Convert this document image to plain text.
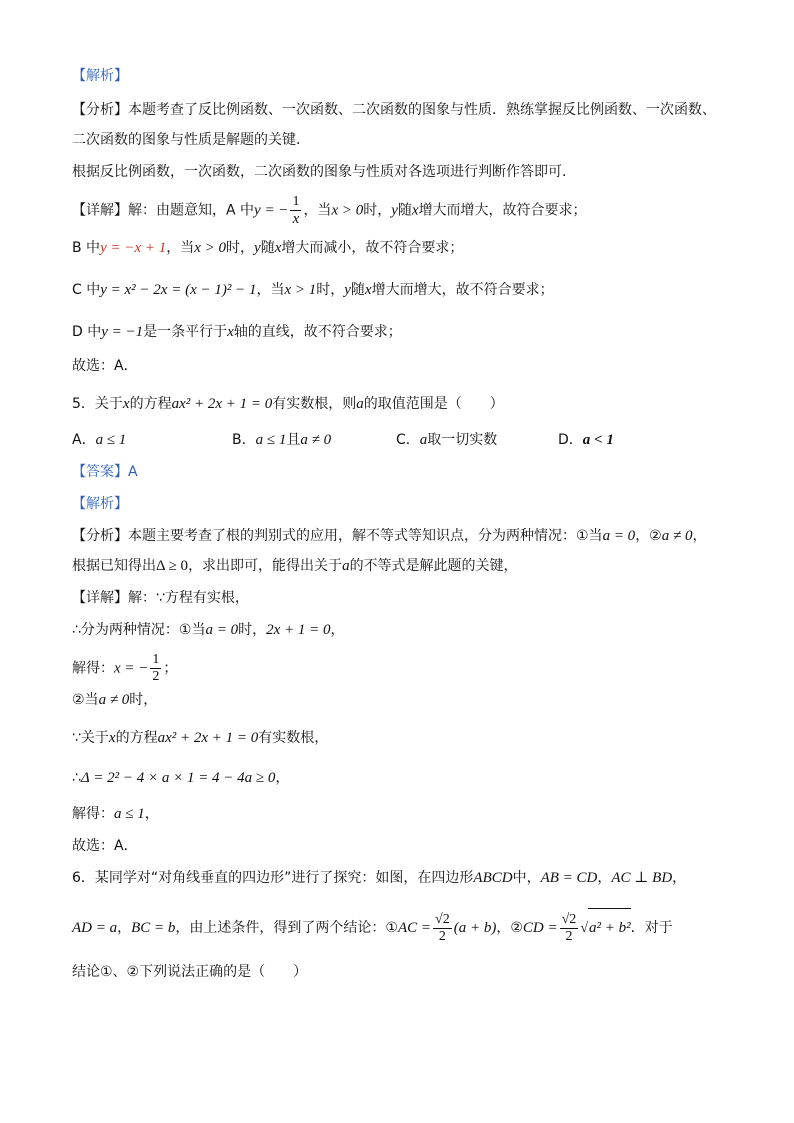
【解析】
【分析】本题考查了反比例函数、一次函数、二次函数的图象与性质．熟练掌握反比例函数、一次函数、
二次函数的图象与性质是解题的关键．
根据反比例函数，一次函数，二次函数的图象与性质对各选项进行判断作答即可．
【详解】解：由题意知，A 中y = − $\frac{1}{x}$ ，当x > 0时，y随x增大而增大，故符合要求；
B 中y = −x + 1，当x > 0时，y随x增大而减小，故不符合要求；
C 中y = x² − 2x = (x − 1)² − 1，当x > 1时，y随x增大而增大，故不符合要求；
D 中y = −1是一条平行于x轴的直线，故不符合要求；
故选：A．
5．关于x的方程ax² + 2x + 1 = 0有实数根，则a的取值范围是（　　）
A．a ≤ 1	B．a ≤ 1且a ≠ 0	C．a取一切实数	D．a < 1
【答案】A
【解析】
【分析】本题主要考查了根的判别式的应用，解不等式等知识点，分为两种情况：①当a = 0，②a ≠ 0，
根据已知得出Δ ≥ 0，求出即可，能得出关于a的不等式是解此题的关键，
【详解】解：∵方程有实根，
∴分为两种情况：①当a = 0时，2x + 1 = 0，
解得：x = − $\frac{1}{2}$ ；
②当a ≠ 0时，
∵关于x的方程ax² + 2x + 1 = 0有实数根，
∴Δ = 2² − 4 × a × 1 = 4 − 4a ≥ 0，
解得：a ≤ 1，
故选：A．
6．某同学对“对角线垂直的四边形”进行了探究：如图，在四边形ABCD中，AB = CD，AC ⊥ BD，
AD = a，BC = b，由上述条件，得到了两个结论：①AC = $\frac{√2}{2} (a + b)$，②CD = $\frac{√2}{2} √a^2 + b^2$．对于
结论①、②下列说法正确的是（　　）
